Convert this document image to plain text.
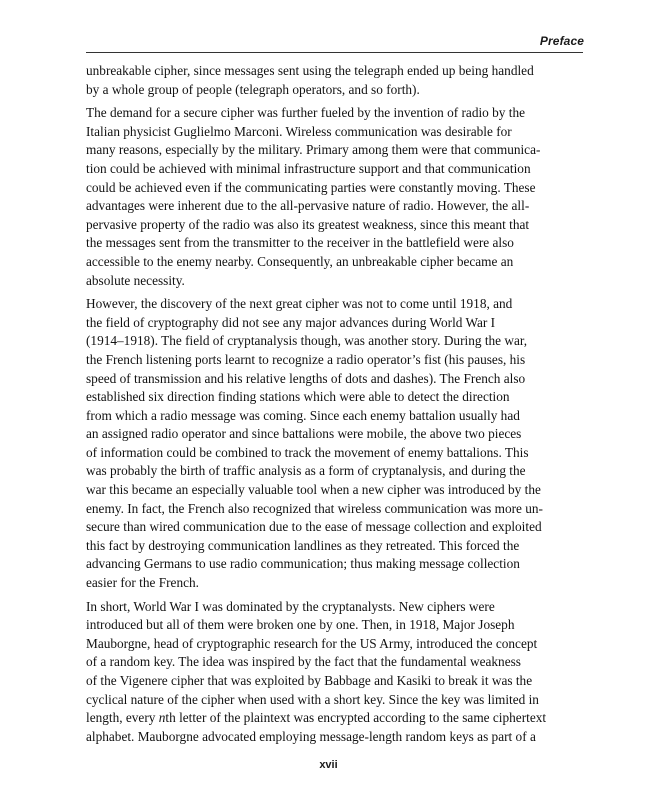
Preface

unbreakable cipher, since messages sent using the telegraph ended up being handled
by a whole group of people (telegraph operators, and so forth).

The demand for a secure cipher was further fueled by the invention of radio by the
Italian physicist Guglielmo Marconi. Wireless communication was desirable for
many reasons, especially by the military. Primary among them were that communica-
tion could be achieved with minimal infrastructure support and that communication
could be achieved even if the communicating parties were constantly moving. These
advantages were inherent due to the all-pervasive nature of radio. However, the all-
pervasive property of the radio was also its greatest weakness, since this meant that
the messages sent from the transmitter to the receiver in the battlefield were also
accessible to the enemy nearby. Consequently, an unbreakable cipher became an
absolute necessity.

However, the discovery of the next great cipher was not to come until 1918, and
the field of cryptography did not see any major advances during World War I
(1914–1918). The field of cryptanalysis though, was another story. During the war,
the French listening ports learnt to recognize a radio operator’s fist (his pauses, his
speed of transmission and his relative lengths of dots and dashes). The French also
established six direction finding stations which were able to detect the direction
from which a radio message was coming. Since each enemy battalion usually had
an assigned radio operator and since battalions were mobile, the above two pieces
of information could be combined to track the movement of enemy battalions. This
was probably the birth of traffic analysis as a form of cryptanalysis, and during the
war this became an especially valuable tool when a new cipher was introduced by the
enemy. In fact, the French also recognized that wireless communication was more un-
secure than wired communication due to the ease of message collection and exploited
this fact by destroying communication landlines as they retreated. This forced the
advancing Germans to use radio communication; thus making message collection
easier for the French.

In short, World War I was dominated by the cryptanalysts. New ciphers were
introduced but all of them were broken one by one. Then, in 1918, Major Joseph
Mauborgne, head of cryptographic research for the US Army, introduced the concept
of a random key. The idea was inspired by the fact that the fundamental weakness
of the Vigenere cipher that was exploited by Babbage and Kasiki to break it was the
cyclical nature of the cipher when used with a short key. Since the key was limited in
length, every nth letter of the plaintext was encrypted according to the same ciphertext
alphabet. Mauborgne advocated employing message-length random keys as part of a

xvii
